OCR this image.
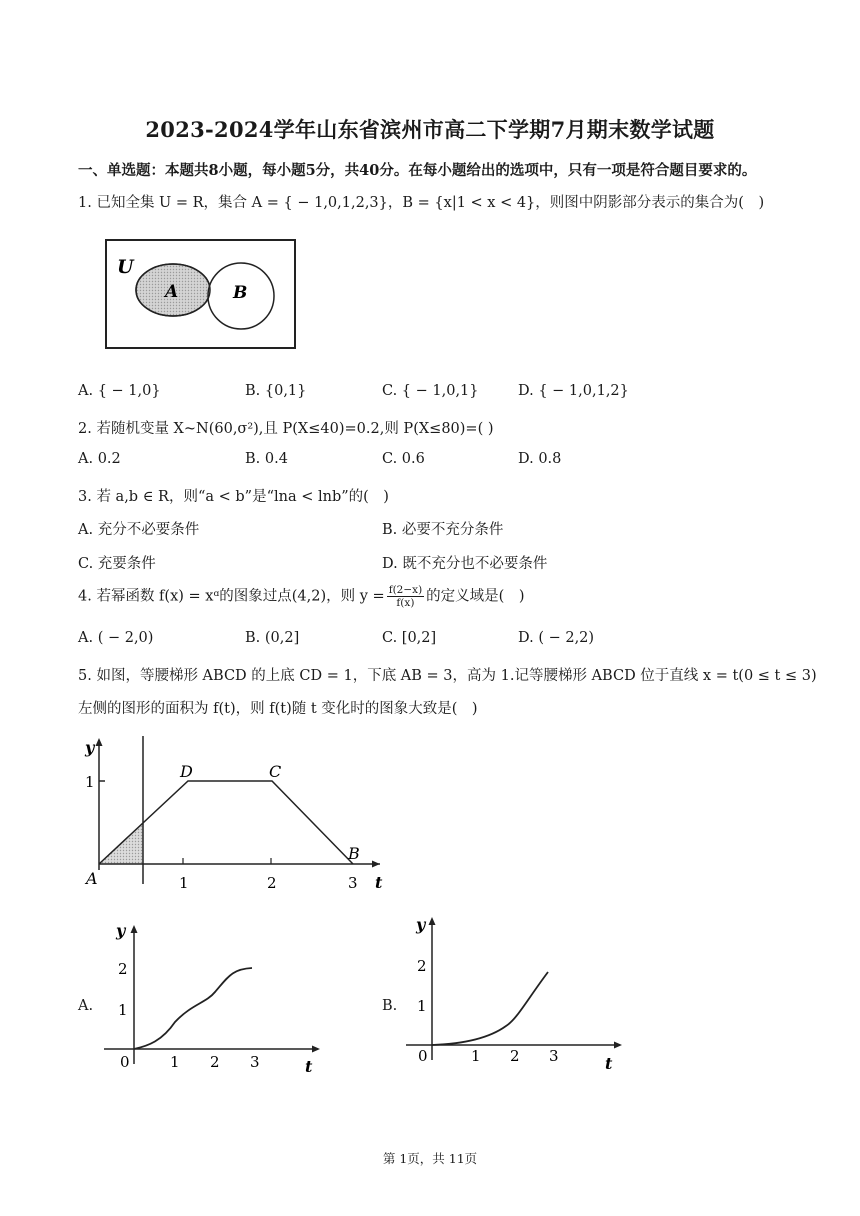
2023-2024学年山东省滨州市高二下学期7月期末数学试题
一、单选题：本题共8小题，每小题5分，共40分。在每小题给出的选项中，只有一项是符合题目要求的。
1. 已知全集 U = R，集合 A = { − 1,0,1,2,3}，B = {x|1 < x < 4}，则图中阴影部分表示的集合为(　)
U
A	B
A. { − 1,0}	B. {0,1}	C. { − 1,0,1}	D. { − 1,0,1,2}
2. 若随机变量 X~N(60,σ²),且 P(X≤40)=0.2,则 P(X≤80)=( )
A. 0.2	B. 0.4	C. 0.6	D. 0.8
3. 若 a,b ∈ R，则“a < b”是“lna < lnb”的(　)
A. 充分不必要条件	B. 必要不充分条件
C. 充要条件	D. 既不充分也不必要条件
4. 若幂函数 f(x) = xᵅ的图象过点(4,2)，则 $y = \frac{f(2-x)}{f(x)}$ 的定义域是(　)
A. ( − 2,0)	B. (0,2]	C. [0,2]	D. ( − 2,2)
5. 如图，等腰梯形 ABCD 的上底 CD = 1，下底 AB = 3，高为 1.记等腰梯形 ABCD 位于直线 x = t(0 ≤ t ≤ 3)
左侧的图形的面积为 f(t)，则 f(t)随 t 变化时的图象大致是(　)
y
1
D	C
A
B
1	2	3 t
A.
y
2
1
0	1 2 3	t
B.
y
2
1
0	1 2 3	t
第 1页，共 11页
